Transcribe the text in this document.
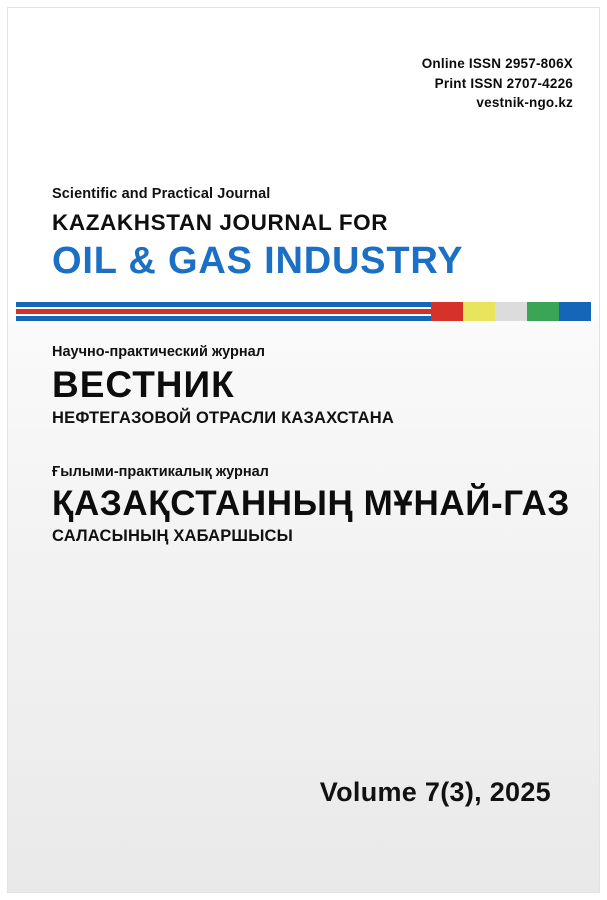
Online ISSN 2957-806X
Print ISSN 2707-4226
vestnik-ngo.kz

Scientific and Practical Journal

KAZAKHSTAN JOURNAL FOR

OIL & GAS INDUSTRY

Научно-практический журнал

ВЕСТНИК

НЕФТЕГАЗОВОЙ ОТРАСЛИ КАЗАХСТАНА

Ғылыми-практикалық журнал

ҚАЗАҚСТАННЫҢ МҰНАЙ-ГАЗ

САЛАСЫНЫҢ ХАБАРШЫСЫ

Volume 7(3), 2025
